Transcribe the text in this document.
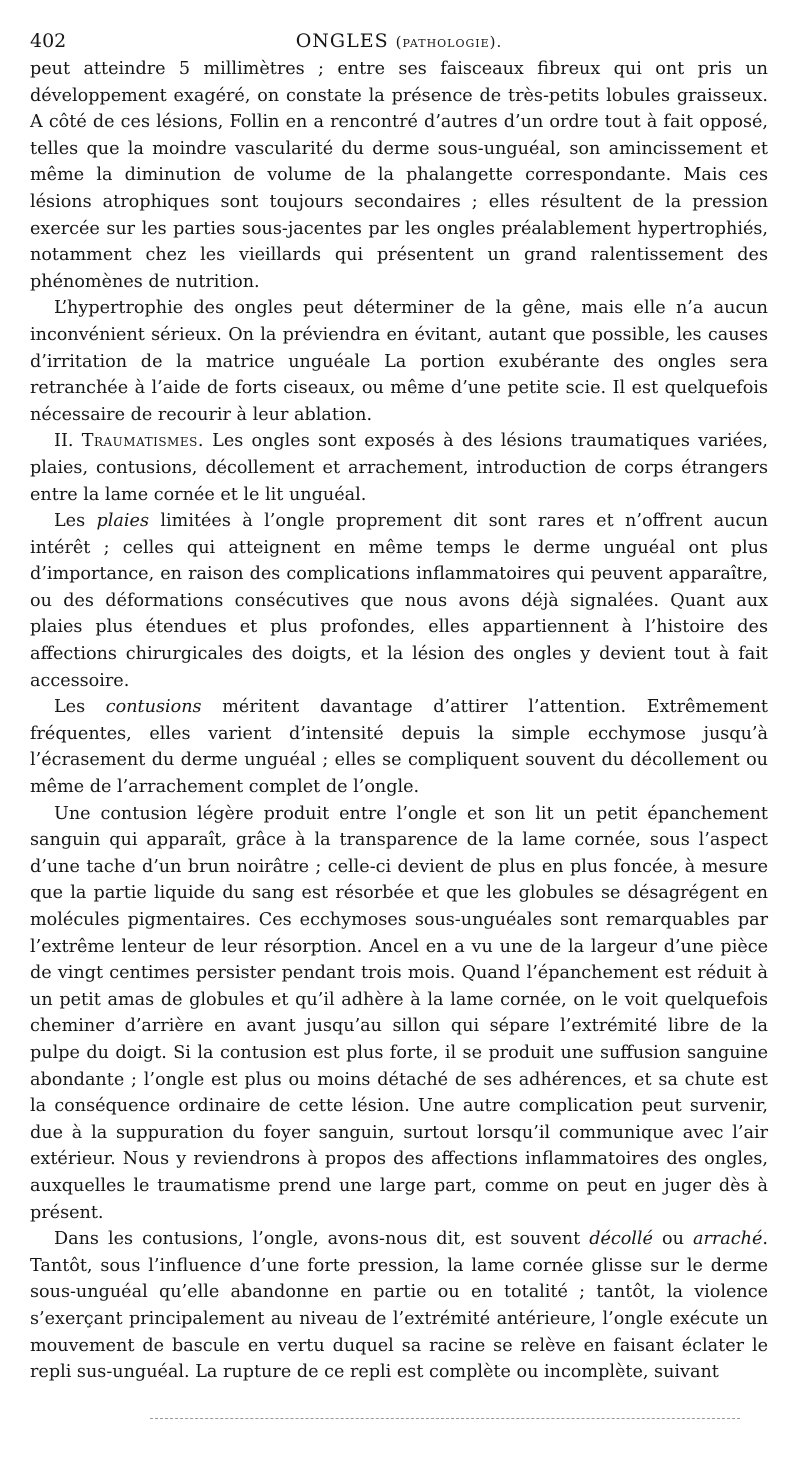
402	ONGLES (pathologie).

peut atteindre 5 millimètres ; entre ses faisceaux fibreux qui ont pris un développement exagéré, on constate la présence de très-petits lobules graisseux. A côté de ces lésions, Follin en a rencontré d’autres d’un ordre tout à fait opposé, telles que la moindre vascularité du derme sous-unguéal, son amincissement et même la diminution de volume de la phalangette correspondante. Mais ces lésions atrophiques sont toujours secondaires ; elles résultent de la pression exercée sur les parties sous-jacentes par les ongles préalablement hypertrophiés, notamment chez les vieillards qui présentent un grand ralentissement des phénomènes de nutrition.

L’hypertrophie des ongles peut déterminer de la gêne, mais elle n’a aucun inconvénient sérieux. On la préviendra en évitant, autant que possible, les causes d’irritation de la matrice unguéale La portion exubérante des ongles sera retranchée à l’aide de forts ciseaux, ou même d’une petite scie. Il est quelquefois nécessaire de recourir à leur ablation.

II. Traumatismes. Les ongles sont exposés à des lésions traumatiques variées, plaies, contusions, décollement et arrachement, introduction de corps étrangers entre la lame cornée et le lit unguéal.

Les plaies limitées à l’ongle proprement dit sont rares et n’offrent aucun intérêt ; celles qui atteignent en même temps le derme unguéal ont plus d’importance, en raison des complications inflammatoires qui peuvent apparaître, ou des déformations consécutives que nous avons déjà signalées. Quant aux plaies plus étendues et plus profondes, elles appartiennent à l’histoire des affections chirurgicales des doigts, et la lésion des ongles y devient tout à fait accessoire.

Les contusions méritent davantage d’attirer l’attention. Extrêmement fréquentes, elles varient d’intensité depuis la simple ecchymose jusqu’à l’écrasement du derme unguéal ; elles se compliquent souvent du décollement ou même de l’arrachement complet de l’ongle.

Une contusion légère produit entre l’ongle et son lit un petit épanchement sanguin qui apparaît, grâce à la transparence de la lame cornée, sous l’aspect d’une tache d’un brun noirâtre ; celle-ci devient de plus en plus foncée, à mesure que la partie liquide du sang est résorbée et que les globules se désagrégent en molécules pigmentaires. Ces ecchymoses sous-unguéales sont remarquables par l’extrême lenteur de leur résorption. Ancel en a vu une de la largeur d’une pièce de vingt centimes persister pendant trois mois. Quand l’épanchement est réduit à un petit amas de globules et qu’il adhère à la lame cornée, on le voit quelquefois cheminer d’arrière en avant jusqu’au sillon qui sépare l’extrémité libre de la pulpe du doigt. Si la contusion est plus forte, il se produit une suffusion sanguine abondante ; l’ongle est plus ou moins détaché de ses adhérences, et sa chute est la conséquence ordinaire de cette lésion. Une autre complication peut survenir, due à la suppuration du foyer sanguin, surtout lorsqu’il communique avec l’air extérieur. Nous y reviendrons à propos des affections inflammatoires des ongles, auxquelles le traumatisme prend une large part, comme on peut en juger dès à présent.

Dans les contusions, l’ongle, avons-nous dit, est souvent décollé ou arraché. Tantôt, sous l’influence d’une forte pression, la lame cornée glisse sur le derme sous-unguéal qu’elle abandonne en partie ou en totalité ; tantôt, la violence s’exerçant principalement au niveau de l’extrémité antérieure, l’ongle exécute un mouvement de bascule en vertu duquel sa racine se relève en faisant éclater le repli sus-unguéal. La rupture de ce repli est complète ou incomplète, suivant
